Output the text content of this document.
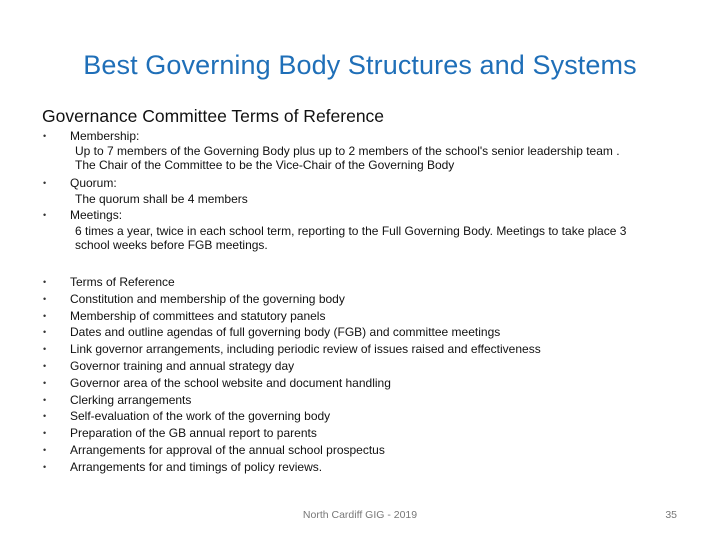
Best Governing Body Structures and Systems
Governance Committee Terms of Reference
• Membership:
Up to 7 members of the Governing Body plus up to 2 members of the school's senior leadership team .
The Chair of the Committee to be the Vice-Chair of the Governing Body
• Quorum:
The quorum shall be 4 members
• Meetings:
6 times a year, twice in each school term, reporting to the Full Governing Body. Meetings to take place 3
school weeks before FGB meetings.
• Terms of Reference
• Constitution and membership of the governing body
• Membership of committees and statutory panels
• Dates and outline agendas of full governing body (FGB) and committee meetings
• Link governor arrangements, including periodic review of issues raised and effectiveness
• Governor training and annual strategy day
• Governor area of the school website and document handling
• Clerking arrangements
• Self-evaluation of the work of the governing body
• Preparation of the GB annual report to parents
• Arrangements for approval of the annual school prospectus
• Arrangements for and timings of policy reviews.
North Cardiff GIG - 2019	35
